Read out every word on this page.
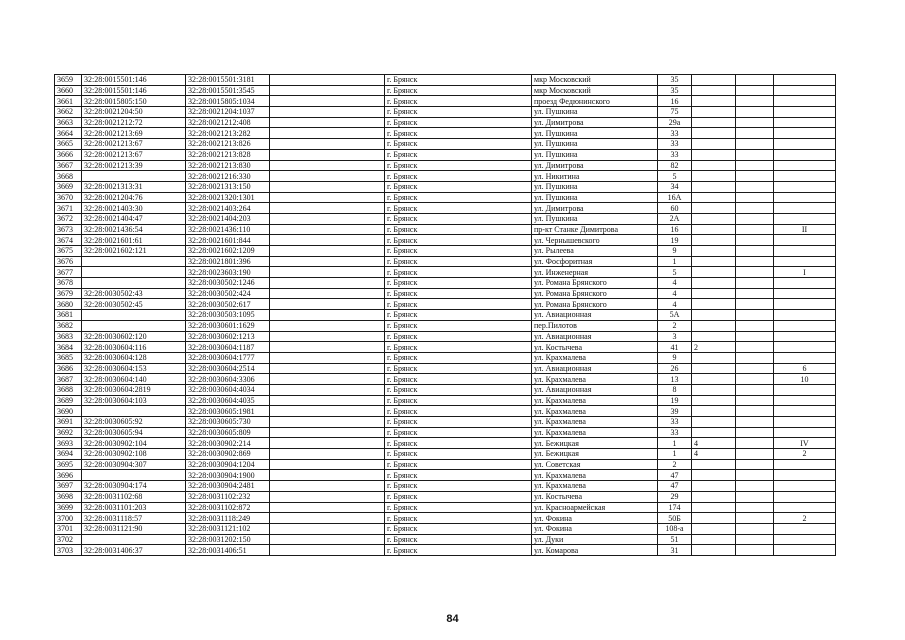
3659	32:28:0015501:146	32:28:0015501:3181		г. Брянск	мкр Московский	35			
3660	32:28:0015501:146	32:28:0015501:3545		г. Брянск	мкр Московский	35			
3661	32:28:0015805:150	32:28:0015805:1034		г. Брянск	проезд Федюнинского	16			
3662	32:28:0021204:50	32:28:0021204:1037		г. Брянск	ул. Пушкина	75			
3663	32:28:0021212:72	32:28:0021212:408		г. Брянск	ул. Димитрова	29а			
3664	32:28:0021213:69	32:28:0021213:282		г. Брянск	ул. Пушкина	33			
3665	32:28:0021213:67	32:28:0021213:826		г. Брянск	ул. Пушкина	33			
3666	32:28:0021213:67	32:28:0021213:828		г. Брянск	ул. Пушкина	33			
3667	32:28:0021213:39	32:28:0021213:830		г. Брянск	ул. Димитрова	82			
3668		32:28:0021216:330		г. Брянск	ул. Никитина	5			
3669	32:28:0021313:31	32:28:0021313:150		г. Брянск	ул. Пушкина	34			
3670	32:28:0021204:76	32:28:0021320:1301		г. Брянск	ул. Пушкина	16А			
3671	32:28:0021403:30	32:28:0021403:264		г. Брянск	ул. Димитрова	60			
3672	32:28:0021404:47	32:28:0021404:203		г. Брянск	ул. Пушкина	2А			
3673	32:28:0021436:54	32:28:0021436:110		г. Брянск	пр-кт Станке Димитрова	16			II
3674	32:28:0021601:61	32:28:0021601:844		г. Брянск	ул. Чернышевского	19			
3675	32:28:0021602:121	32:28:0021602:1209		г. Брянск	ул. Рылеева	9			
3676		32:28:0021801:396		г. Брянск	ул. Фосфоритная	1			
3677		32:28:0023603:190		г. Брянск	ул. Инженерная	5			I
3678		32:28:0030502:1246		г. Брянск	ул. Романа Брянского	4			
3679	32:28:0030502:43	32:28:0030502:424		г. Брянск	ул. Романа Брянского	4			
3680	32:28:0030502:45	32:28:0030502:617		г. Брянск	ул. Романа Брянского	4			
3681		32:28:0030503:1095		г. Брянск	ул. Авиационная	5А			
3682		32:28:0030601:1629		г. Брянск	пер.Пилотов	2			
3683	32:28:0030602:120	32:28:0030602:1213		г. Брянск	ул. Авиационная	3			
3684	32:28:0030604:116	32:28:0030604:1187		г. Брянск	ул. Костычева	41	2		
3685	32:28:0030604:128	32:28:0030604:1777		г. Брянск	ул. Крахмалева	9			
3686	32:28:0030604:153	32:28:0030604:2514		г. Брянск	ул. Авиационная	26			6
3687	32:28:0030604:140	32:28:0030604:3306		г. Брянск	ул. Крахмалева	13			10
3688	32:28:0030604:2819	32:28:0030604:4034		г. Брянск	ул. Авиационная	8			
3689	32:28:0030604:103	32:28:0030604:4035		г. Брянск	ул. Крахмалева	19			
3690		32:28:0030605:1981		г. Брянск	ул. Крахмалева	39			
3691	32:28:0030605:92	32:28:0030605:730		г. Брянск	ул. Крахмалева	33			
3692	32:28:0030605:94	32:28:0030605:809		г. Брянск	ул. Крахмалева	33			
3693	32:28:0030902:104	32:28:0030902:214		г. Брянск	ул. Бежицкая	1	4		IV
3694	32:28:0030902:108	32:28:0030902:869		г. Брянск	ул. Бежицкая	1	4		2
3695	32:28:0030904:307	32:28:0030904:1204		г. Брянск	ул. Советская	2			
3696		32:28:0030904:1900		г. Брянск	ул. Крахмалева	47			
3697	32:28:0030904:174	32:28:0030904:2481		г. Брянск	ул. Крахмалева	47			
3698	32:28:0031102:68	32:28:0031102:232		г. Брянск	ул. Костычева	29			
3699	32:28:0031101:203	32:28:0031102:872		г. Брянск	ул. Красноармейская	174			
3700	32:28:0031118:57	32:28:0031118:249		г. Брянск	ул. Фокина	50Б			2
3701	32:28:0031121:90	32:28:0031121:102		г. Брянск	ул. Фокина	108-а			
3702		32:28:0031202:150		г. Брянск	ул. Дуки	51			
3703	32:28:0031406:37	32:28:0031406:51		г. Брянск	ул. Комарова	31			
84
